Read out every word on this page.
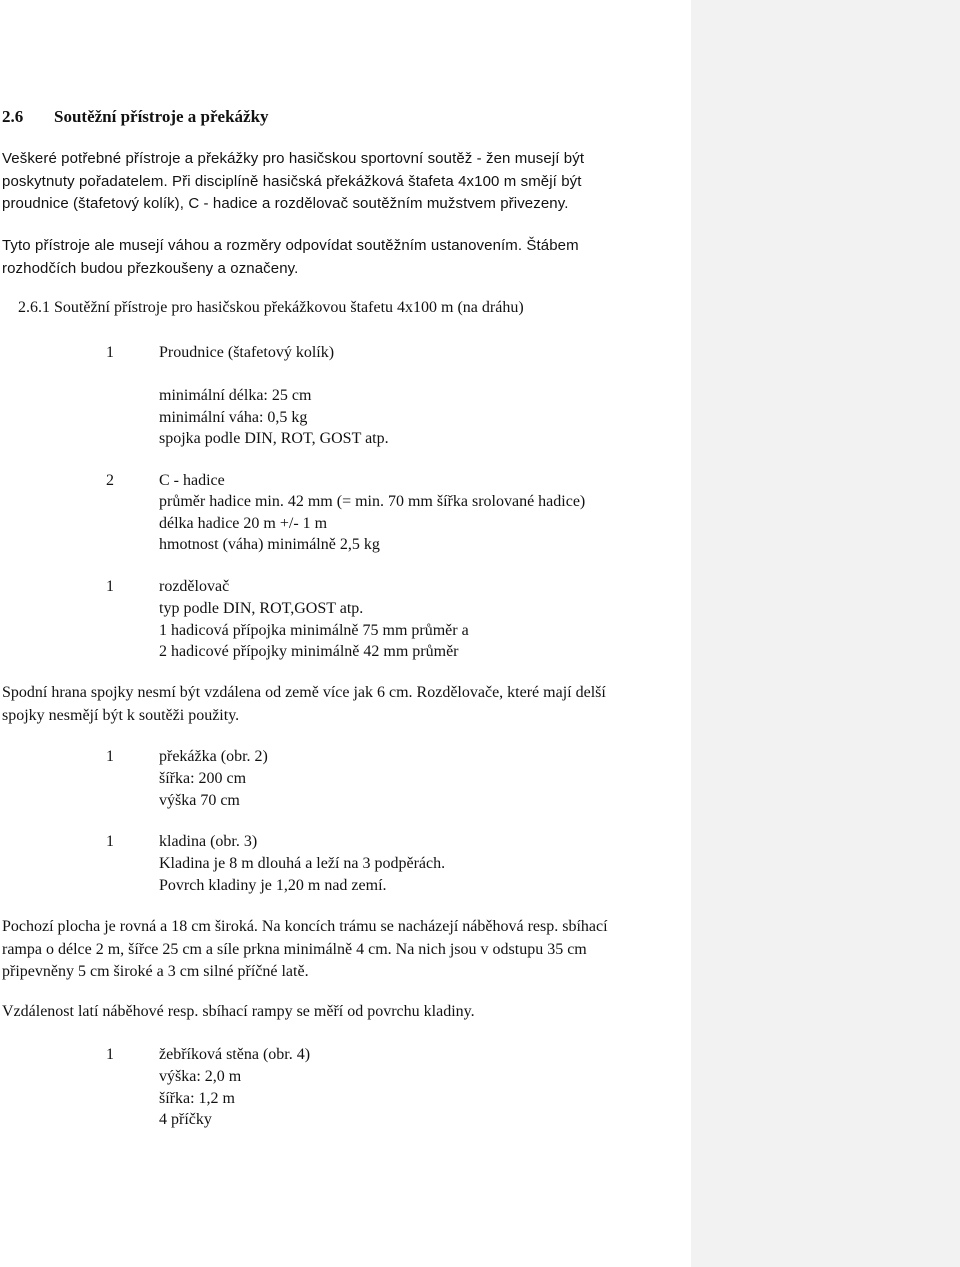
2.6 Soutěžní přístroje a překážky
Veškeré potřebné přístroje a překážky pro hasičskou sportovní soutěž - žen musejí být
poskytnuty pořadatelem. Při disciplíně hasičská překážková štafeta 4x100 m smějí být
proudnice (štafetový kolík), C - hadice a rozdělovač soutěžním mužstvem přivezeny.
Tyto přístroje ale musejí váhou a rozměry odpovídat soutěžním ustanovením. Štábem
rozhodčích budou přezkoušeny a označeny.
2.6.1 Soutěžní přístroje pro hasičskou překážkovou štafetu 4x100 m (na dráhu)
1	Proudnice (štafetový kolík)
minimální délka: 25 cm
minimální váha: 0,5 kg
spojka podle DIN, ROT, GOST atp.
2	C - hadice
průměr hadice min. 42 mm (= min. 70 mm šířka srolované hadice)
délka hadice 20 m +/- 1 m
hmotnost (váha) minimálně 2,5 kg
1	rozdělovač
typ podle DIN, ROT,GOST atp.
1 hadicová přípojka minimálně 75 mm průměr a
2 hadicové přípojky minimálně 42 mm průměr
Spodní hrana spojky nesmí být vzdálena od země více jak 6 cm. Rozdělovače, které mají delší
spojky nesmějí být k soutěži použity.
1	překážka (obr. 2)
šířka: 200 cm
výška 70 cm
1	kladina (obr. 3)
Kladina je 8 m dlouhá a leží na 3 podpěrách.
Povrch kladiny je 1,20 m nad zemí.
Pochozí plocha je rovná a 18 cm široká. Na koncích trámu se nacházejí náběhová resp. sbíhací
rampa o délce 2 m, šířce 25 cm a síle prkna minimálně 4 cm. Na nich jsou v odstupu 35 cm
připevněny 5 cm široké a 3 cm silné příčné latě.
Vzdálenost latí náběhové resp. sbíhací rampy se měří od povrchu kladiny.
1	žebříková stěna (obr. 4)
výška: 2,0 m
šířka: 1,2 m
4 příčky
